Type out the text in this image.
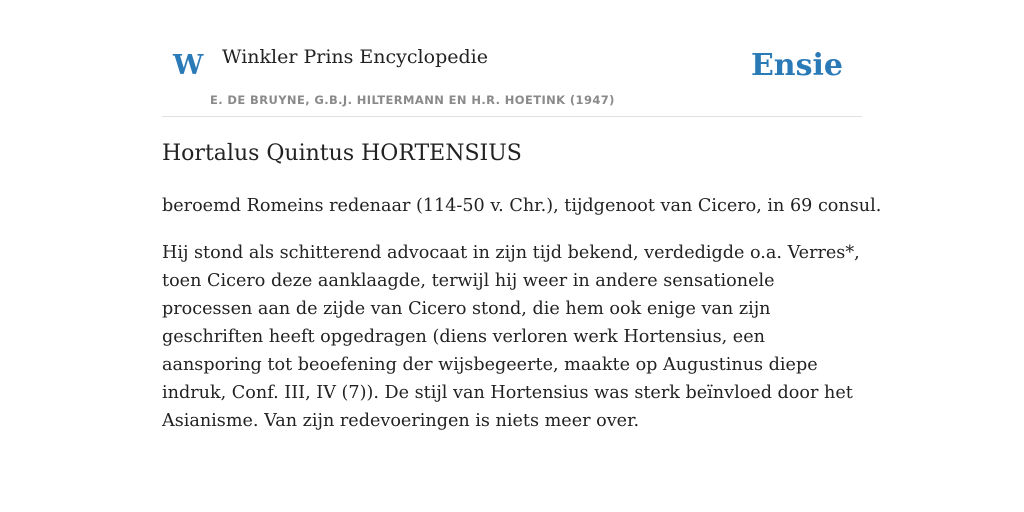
W Winkler Prins Encyclopedie
E. DE BRUYNE, G.B.J. HILTERMANN EN H.R. HOETINK (1947)
Ensie
Hortalus Quintus HORTENSIUS

beroemd Romeins redenaar (114-50 v. Chr.), tijdgenoot van Cicero, in 69 consul.

Hij stond als schitterend advocaat in zijn tijd bekend, verdedigde o.a. Verres*, toen Cicero deze aanklaagde, terwijl hij weer in andere sensationele processen aan de zijde van Cicero stond, die hem ook enige van zijn geschriften heeft opgedragen (diens verloren werk Hortensius, een aansporing tot beoefening der wijsbegeerte, maakte op Augustinus diepe indruk, Conf. III, IV (7)). De stijl van Hortensius was sterk beïnvloed door het Asianisme. Van zijn redevoeringen is niets meer over.
